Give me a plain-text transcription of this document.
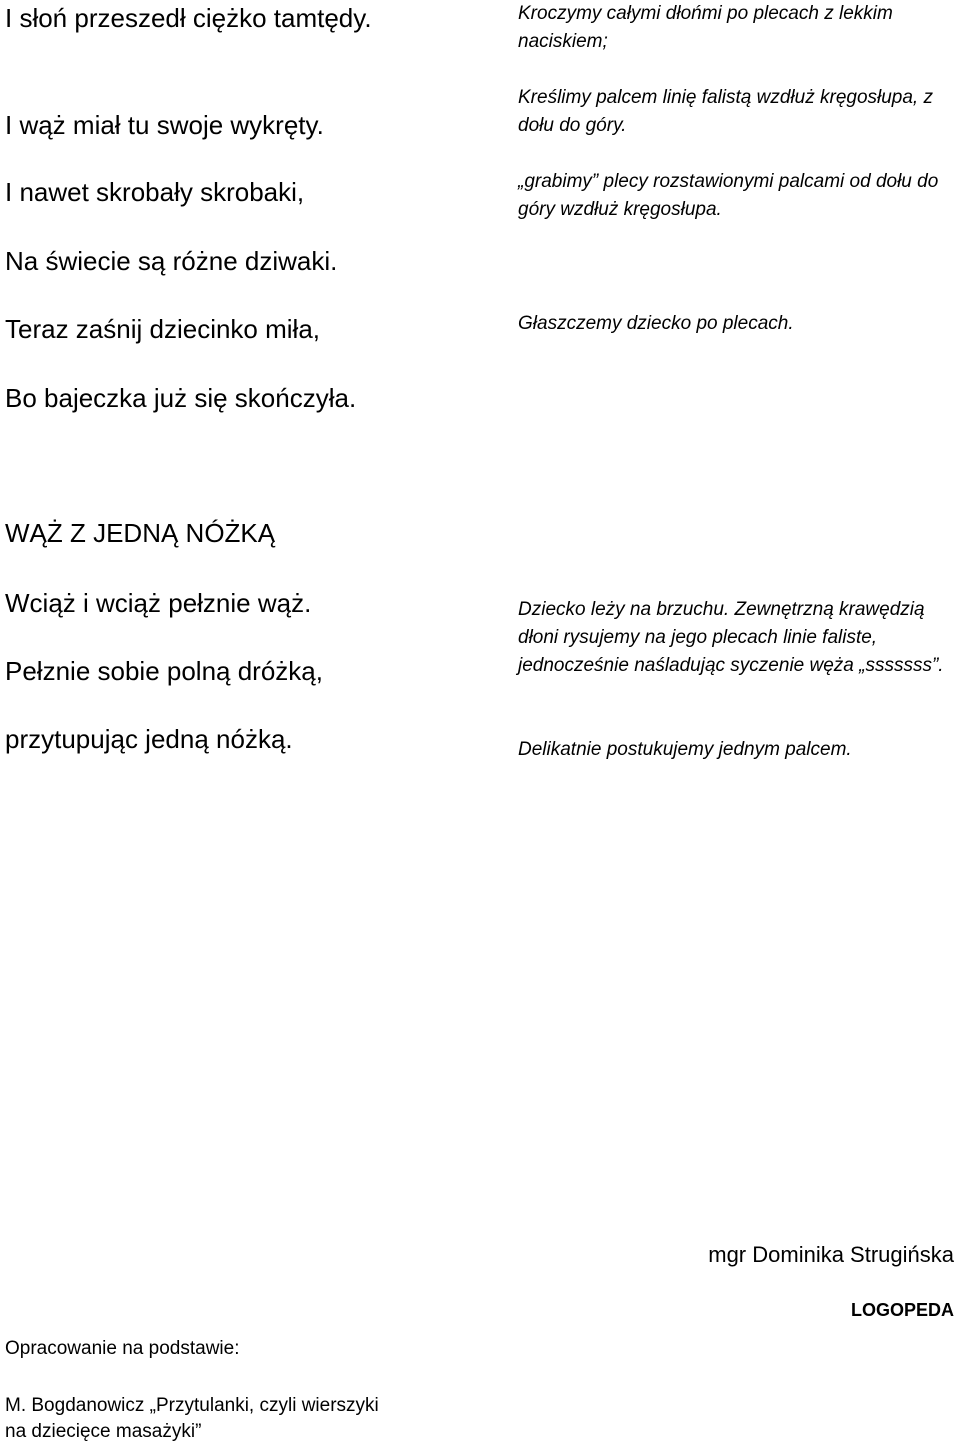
I słoń przeszedł ciężko tamtędy.
I wąż miał tu swoje wykręty.
I nawet skrobały skrobaki,
Na świecie są różne dziwaki.
Teraz zaśnij dziecinko miła,
Bo bajeczka już się skończyła.
Kroczymy całymi dłońmi po plecach z lekkim naciskiem;
Kreślimy palcem linię falistą wzdłuż kręgosłupa, z dołu do góry.
„grabimy” plecy rozstawionymi palcami od dołu do góry wzdłuż kręgosłupa.
Głaszczemy dziecko po plecach.
WĄŻ Z JEDNĄ NÓŻKĄ
Wciąż i wciąż pełznie wąż.
Pełznie sobie polną dróżką,
przytupując jedną nóżką.
Dziecko leży na brzuchu. Zewnętrzną krawędzią dłoni rysujemy na jego plecach linie faliste, jednocześnie naśladując syczenie węża „sssssss”.
Delikatnie postukujemy jednym palcem.
mgr Dominika Strugińska
LOGOPEDA
Opracowanie na podstawie:
M. Bogdanowicz „Przytulanki, czyli wierszyki na dziecięce masażyki”
